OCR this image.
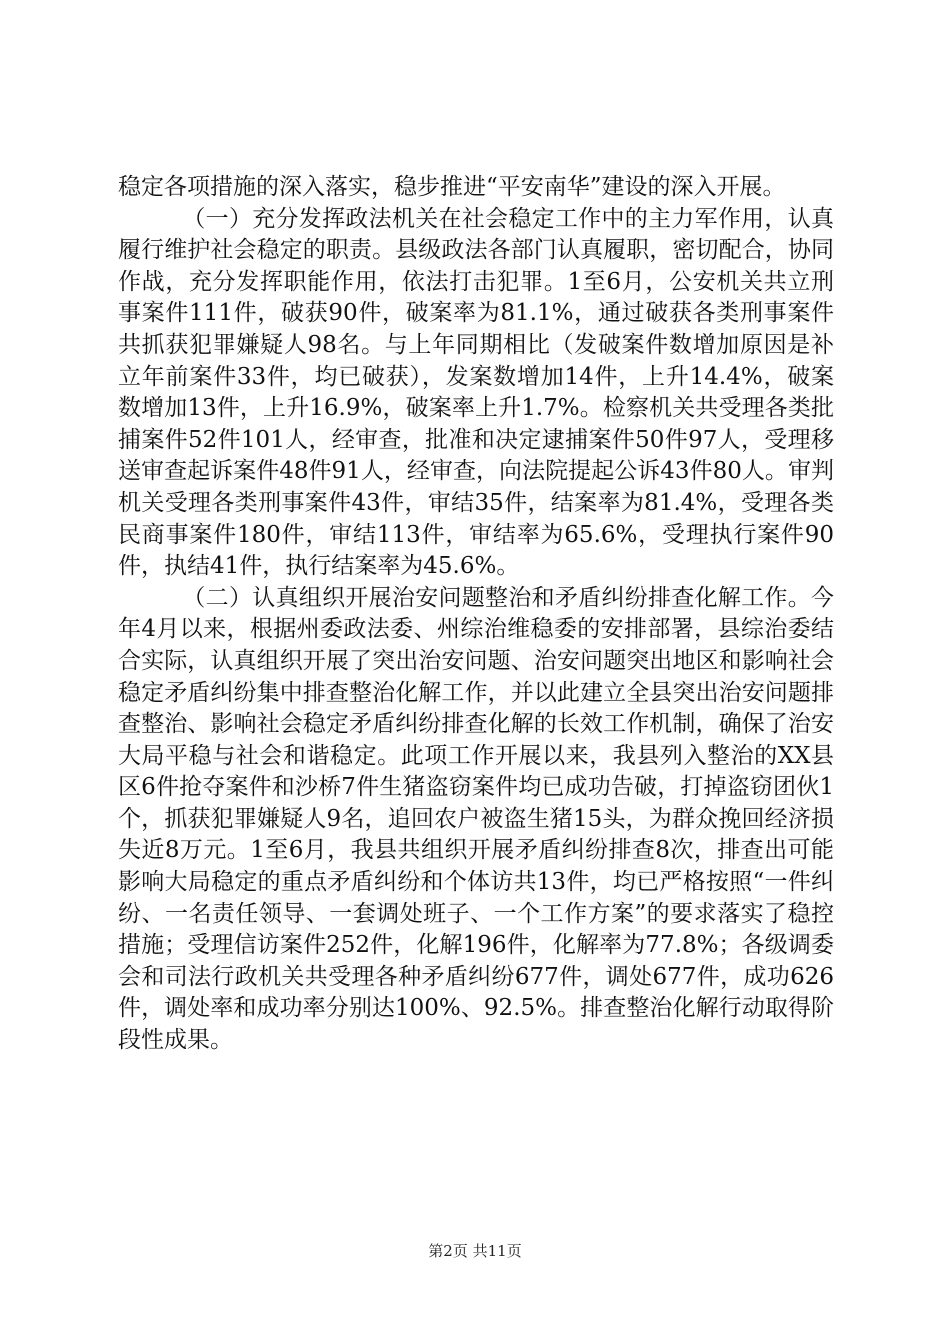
稳定各项措施的深入落实，稳步推进“平安南华”建设的深入开展。

（一）充分发挥政法机关在社会稳定工作中的主力军作用，认真履行维护社会稳定的职责。县级政法各部门认真履职，密切配合，协同作战，充分发挥职能作用，依法打击犯罪。1至6月，公安机关共立刑事案件111件，破获90件，破案率为81.1%，通过破获各类刑事案件共抓获犯罪嫌疑人98名。与上年同期相比（发破案件数增加原因是补立年前案件33件，均已破获），发案数增加14件，上升14.4%，破案数增加13件，上升16.9%，破案率上升1.7%。检察机关共受理各类批捕案件52件101人，经审查，批准和决定逮捕案件50件97人，受理移送审查起诉案件48件91人，经审查，向法院提起公诉43件80人。审判机关受理各类刑事案件43件，审结35件，结案率为81.4%，受理各类民商事案件180件，审结113件，审结率为65.6%，受理执行案件90件，执结41件，执行结案率为45.6%。

（二）认真组织开展治安问题整治和矛盾纠纷排查化解工作。今年4月以来，根据州委政法委、州综治维稳委的安排部署，县综治委结合实际，认真组织开展了突出治安问题、治安问题突出地区和影响社会稳定矛盾纠纷集中排查整治化解工作，并以此建立全县突出治安问题排查整治、影响社会稳定矛盾纠纷排查化解的长效工作机制，确保了治安大局平稳与社会和谐稳定。此项工作开展以来，我县列入整治的XX县区6件抢夺案件和沙桥7件生猪盗窃案件均已成功告破，打掉盗窃团伙1个，抓获犯罪嫌疑人9名，追回农户被盗生猪15头，为群众挽回经济损失近8万元。1至6月，我县共组织开展矛盾纠纷排查8次，排查出可能影响大局稳定的重点矛盾纠纷和个体访共13件，均已严格按照“一件纠纷、一名责任领导、一套调处班子、一个工作方案”的要求落实了稳控措施；受理信访案件252件，化解196件，化解率为77.8%；各级调委会和司法行政机关共受理各种矛盾纠纷677件，调处677件，成功626件，调处率和成功率分别达100%、92.5%。排查整治化解行动取得阶段性成果。

第2页 共11页
